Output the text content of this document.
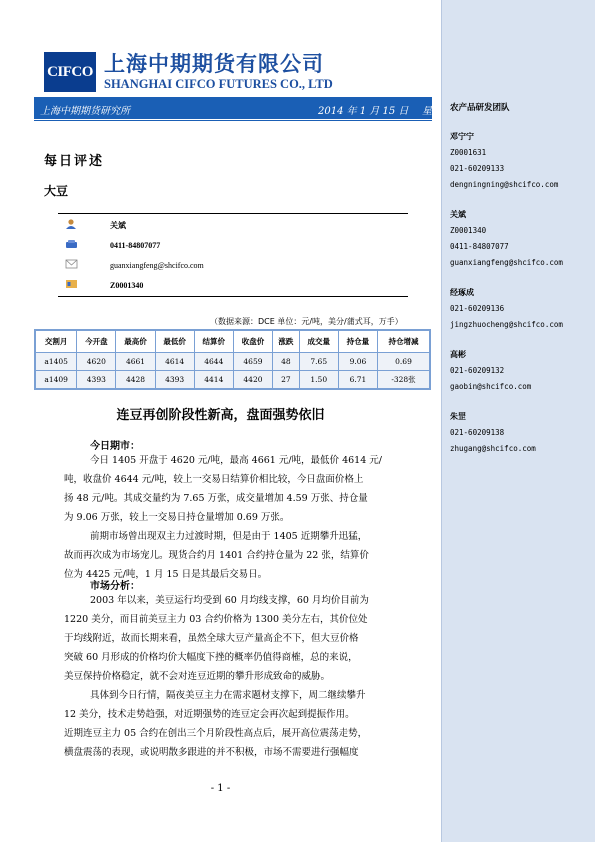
CIFCO 上海中期期货有限公司
SHANGHAI CIFCO FUTURES CO., LTD
上海中期期货研究所	2014 年 1 月 15 日 星期三
农产品研发团队
邓宁宁
Z0001631
021-60209133
dengningning@shcifco.com
关斌
Z0001340
0411-84807077
guanxiangfeng@shcifco.com
经琢成
021-60209136
jingzhuocheng@shcifco.com
高彬
021-60209132
gaobin@shcifco.com
朱罡
021-60209138
zhugang@shcifco.com
每日评述
大豆
关斌
0411-84807077
guanxiangfeng@shcifco.com
Z0001340
（数据来源：DCE 单位：元/吨，美分/蒲式耳，万手）
交割月	今开盘	最高价	最低价	结算价	收盘价	涨跌	成交量	持仓量	持仓增减
a1405	4620	4661	4614	4644	4659	48	7.65	9.06	0.69
a1409	4393	4428	4393	4414	4420	27	1.50	6.71	-328张
连豆再创阶段性新高，盘面强势依旧
今日期市：
今日 1405 开盘于 4620 元/吨，最高 4661 元/吨，最低价 4614 元/
吨，收盘价 4644 元/吨，较上一交易日结算价相比较，今日盘面价格上
扬 48 元/吨。其成交量约为 7.65 万张，成交量增加 4.59 万张、持仓量
为 9.06 万张，较上一交易日持仓量增加 0.69 万张。
前期市场曾出现双主力过渡时期，但是由于 1405 近期攀升迅猛，
故而再次成为市场宠儿。现货合约月 1401 合约持仓量为 22 张，结算价
位为 4425 元/吨，1 月 15 日是其最后交易日。
市场分析：
2003 年以来，美豆运行均受到 60 月均线支撑，60 月均价目前为
1220 美分，而目前美豆主力 03 合约价格为 1300 美分左右，其价位处
于均线附近，故而长期来看，虽然全球大豆产量高企不下，但大豆价格
突破 60 月形成的价格均价大幅度下挫的概率仍值得商榷，总的来说，
美豆保持价格稳定，就不会对连豆近期的攀升形成致命的威胁。
具体到今日行情，隔夜美豆主力在需求题材支撑下，周二继续攀升
12 美分，技术走势趋强，对近期强势的连豆定会再次起到提振作用。
近期连豆主力 05 合约在创出三个月阶段性高点后，展开高位震荡走势，
横盘震荡的表现，或说明散多跟进的并不积极，市场不需要进行强幅度
- 1 -
